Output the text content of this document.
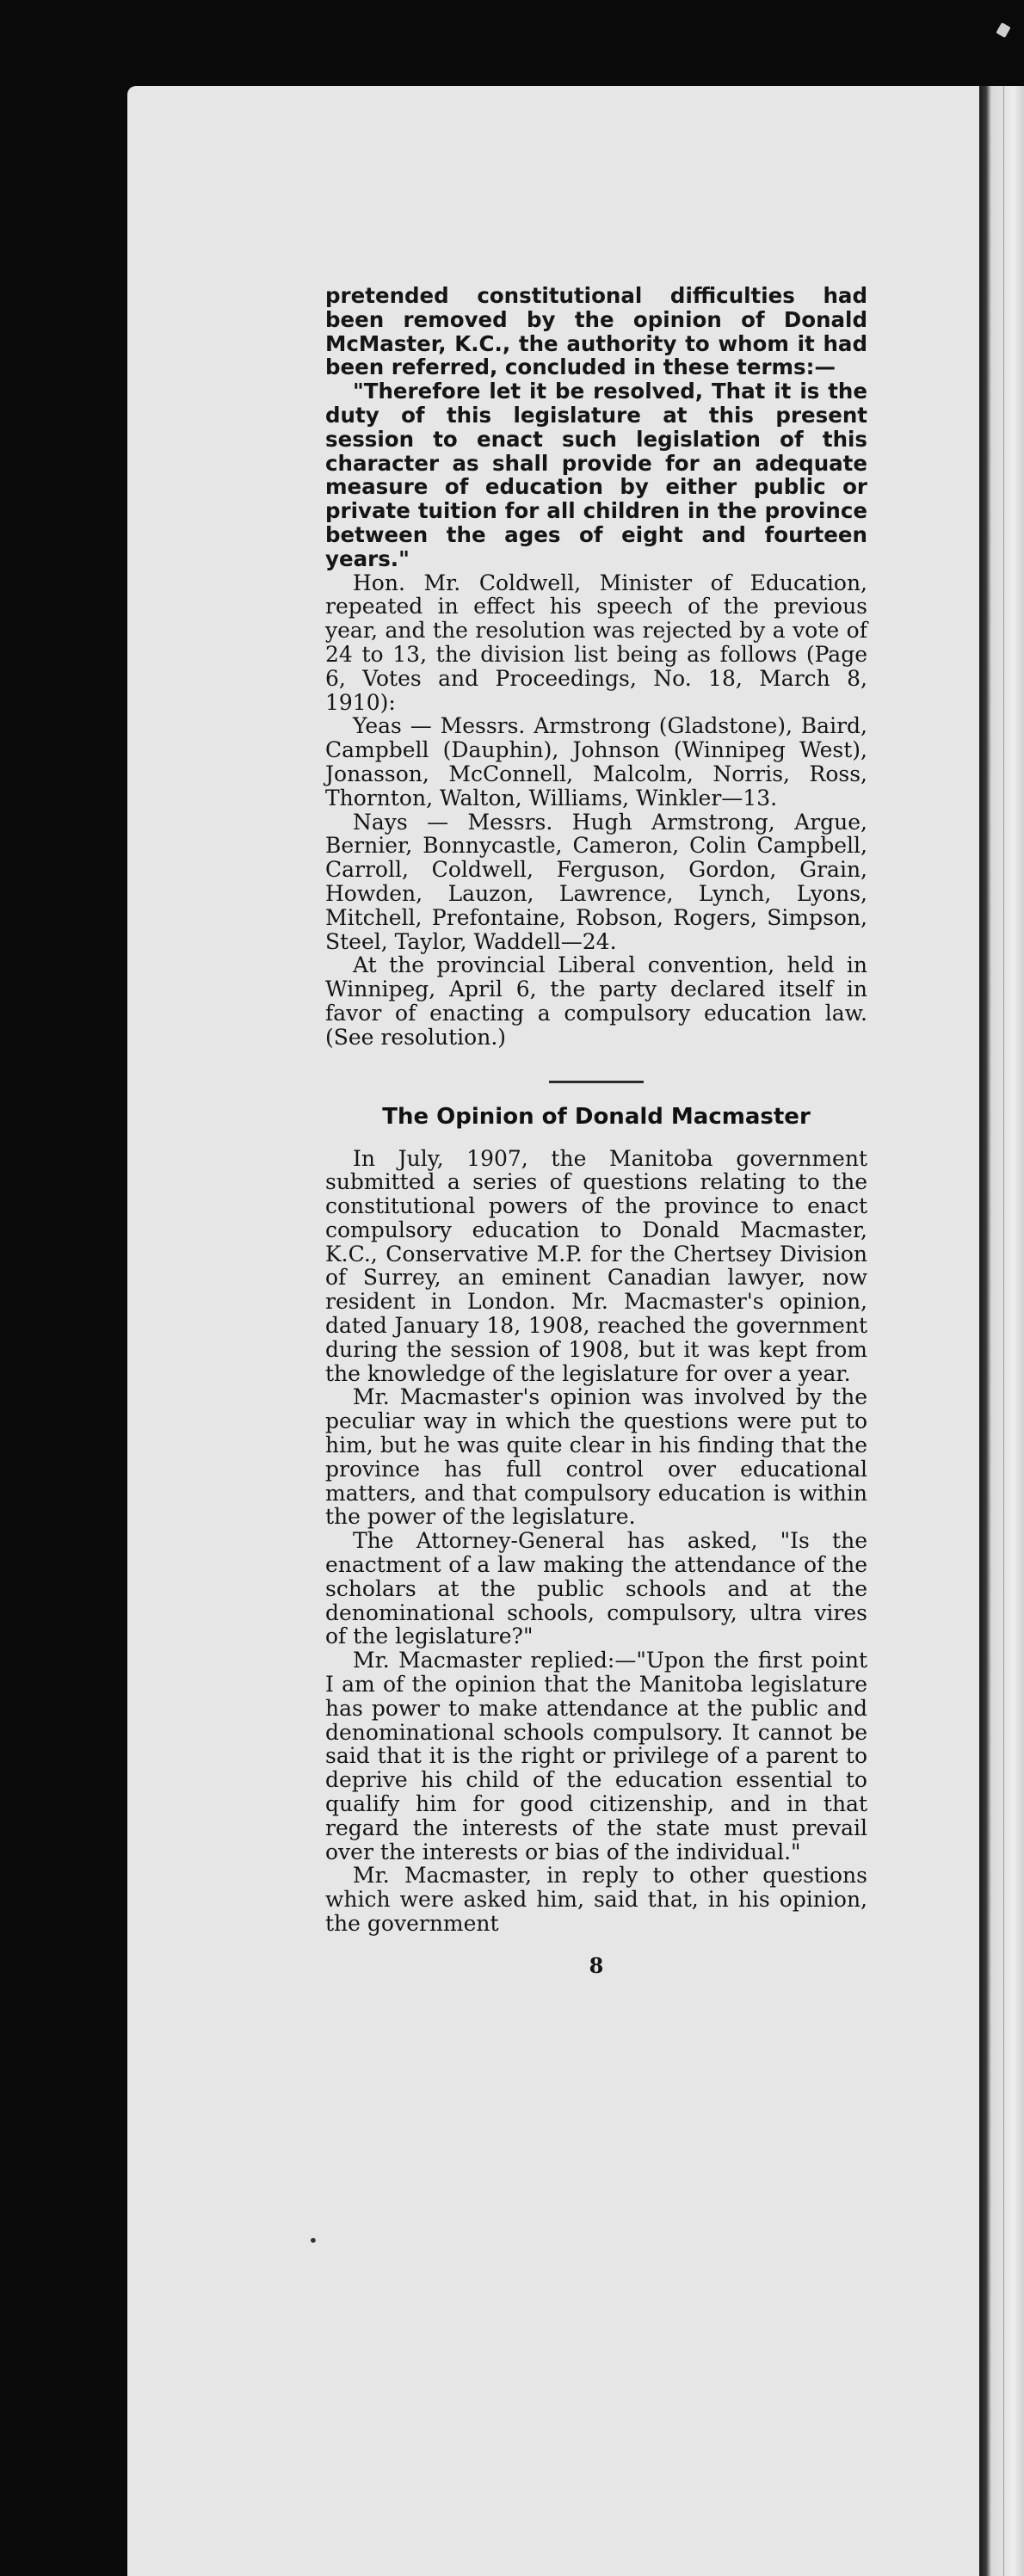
pretended constitutional difficulties had been removed by the opinion of Donald McMaster, K.C., the authority to whom it had been referred, concluded in these terms:—

"Therefore let it be resolved, That it is the duty of this legislature at this present session to enact such legislation of this character as shall provide for an adequate measure of education by either public or private tuition for all children in the province between the ages of eight and fourteen years."

Hon. Mr. Coldwell, Minister of Education, repeated in effect his speech of the previous year, and the resolution was rejected by a vote of 24 to 13, the division list being as follows (Page 6, Votes and Proceedings, No. 18, March 8, 1910):

Yeas — Messrs. Armstrong (Gladstone), Baird, Campbell (Dauphin), Johnson (Winnipeg West), Jonasson, McConnell, Malcolm, Norris, Ross, Thornton, Walton, Williams, Winkler—13.

Nays — Messrs. Hugh Armstrong, Argue, Bernier, Bonnycastle, Cameron, Colin Campbell, Carroll, Coldwell, Ferguson, Gordon, Grain, Howden, Lauzon, Lawrence, Lynch, Lyons, Mitchell, Prefontaine, Robson, Rogers, Simpson, Steel, Taylor, Waddell—24.

At the provincial Liberal convention, held in Winnipeg, April 6, the party declared itself in favor of enacting a compulsory education law. (See resolution.)

The Opinion of Donald Macmaster

In July, 1907, the Manitoba government submitted a series of questions relating to the constitutional powers of the province to enact compulsory education to Donald Macmaster, K.C., Conservative M.P. for the Chertsey Division of Surrey, an eminent Canadian lawyer, now resident in London. Mr. Macmaster's opinion, dated January 18, 1908, reached the government during the session of 1908, but it was kept from the knowledge of the legislature for over a year.

Mr. Macmaster's opinion was involved by the peculiar way in which the questions were put to him, but he was quite clear in his finding that the province has full control over educational matters, and that compulsory education is within the power of the legislature.

The Attorney-General has asked, "Is the enactment of a law making the attendance of the scholars at the public schools and at the denominational schools, compulsory, ultra vires of the legislature?"

Mr. Macmaster replied:—"Upon the first point I am of the opinion that the Manitoba legislature has power to make attendance at the public and denominational schools compulsory. It cannot be said that it is the right or privilege of a parent to deprive his child of the education essential to qualify him for good citizenship, and in that regard the interests of the state must prevail over the interests or bias of the individual."

Mr. Macmaster, in reply to other questions which were asked him, said that, in his opinion, the government

8
•
